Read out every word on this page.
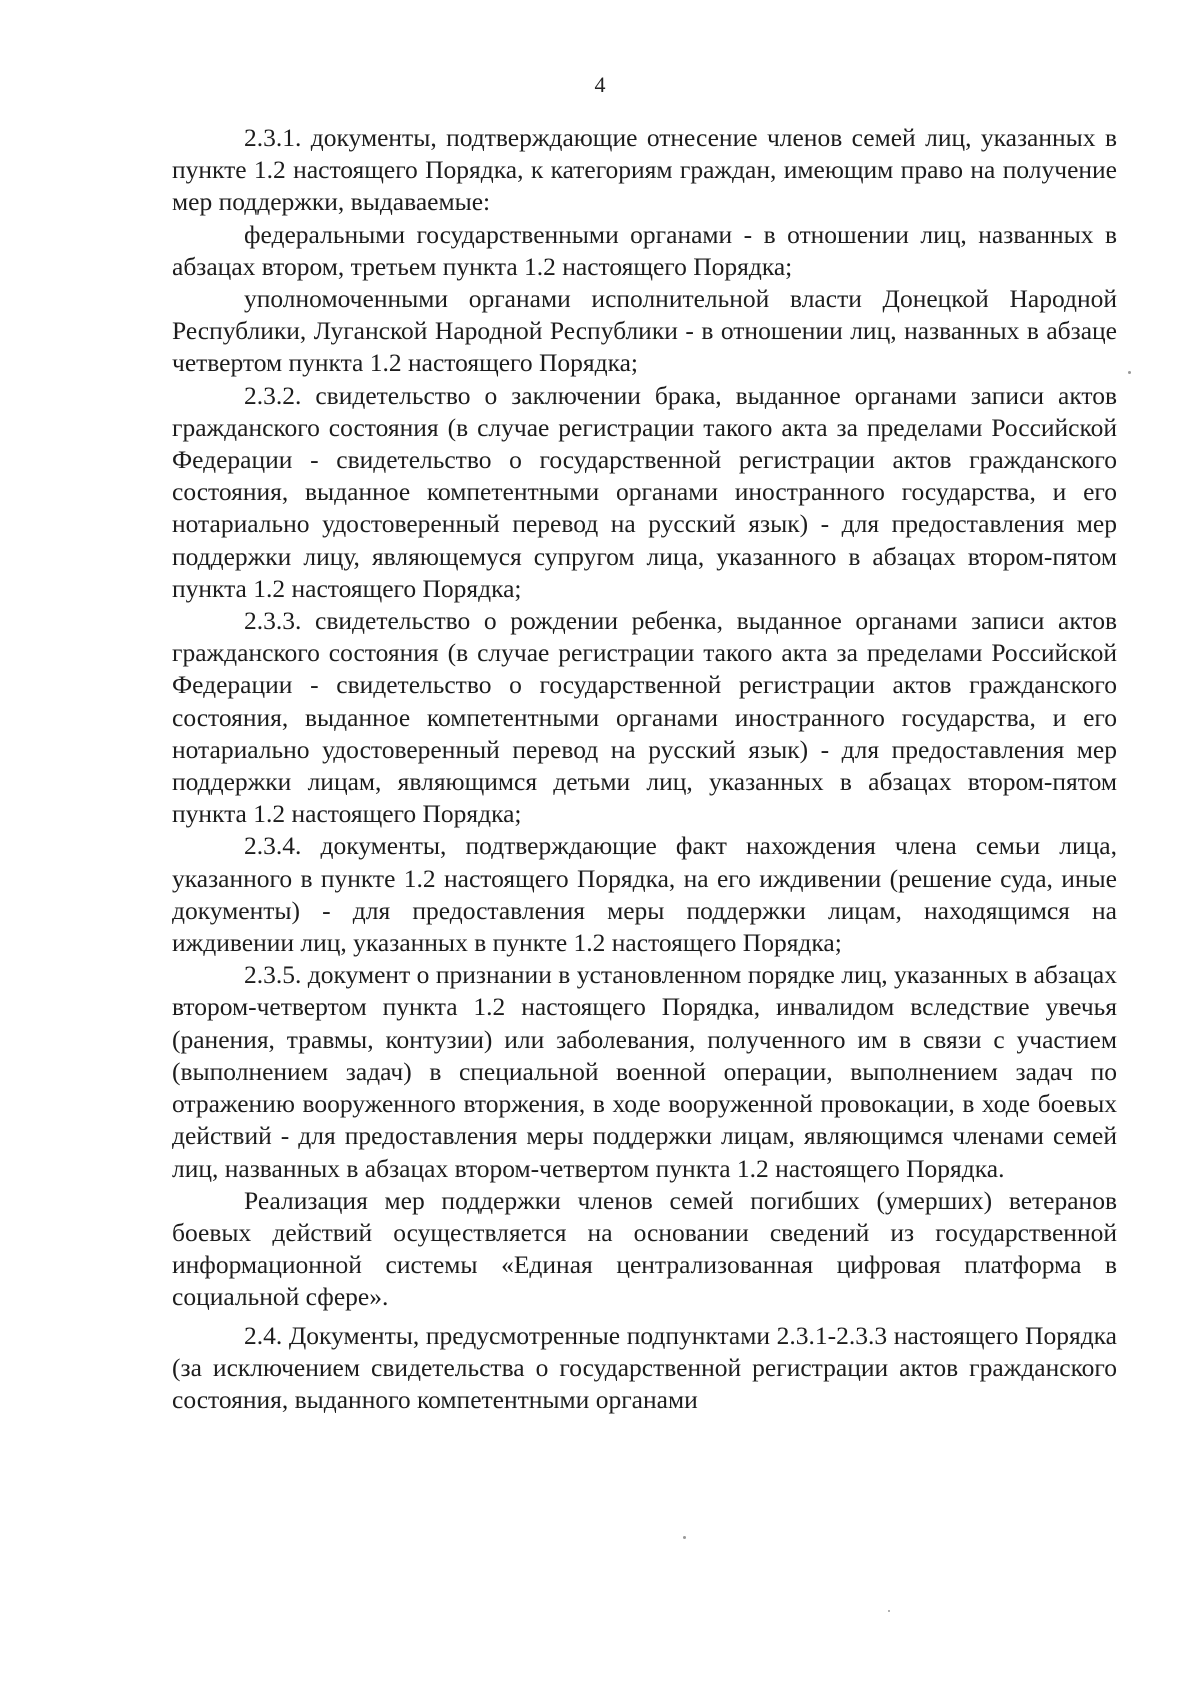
4

2.3.1. документы, подтверждающие отнесение членов семей лиц, указанных в пункте 1.2 настоящего Порядка, к категориям граждан, имеющим право на получение мер поддержки, выдаваемые:

федеральными государственными органами - в отношении лиц, названных в абзацах втором, третьем пункта 1.2 настоящего Порядка;

уполномоченными органами исполнительной власти Донецкой Народной Республики, Луганской Народной Республики - в отношении лиц, названных в абзаце четвертом пункта 1.2 настоящего Порядка;

2.3.2. свидетельство о заключении брака, выданное органами записи актов гражданского состояния (в случае регистрации такого акта за пределами Российской Федерации - свидетельство о государственной регистрации актов гражданского состояния, выданное компетентными органами иностранного государства, и его нотариально удостоверенный перевод на русский язык) - для предоставления мер поддержки лицу, являющемуся супругом лица, указанного в абзацах втором-пятом пункта 1.2 настоящего Порядка;

2.3.3. свидетельство о рождении ребенка, выданное органами записи актов гражданского состояния (в случае регистрации такого акта за пределами Российской Федерации - свидетельство о государственной регистрации актов гражданского состояния, выданное компетентными органами иностранного государства, и его нотариально удостоверенный перевод на русский язык) - для предоставления мер поддержки лицам, являющимся детьми лиц, указанных в абзацах втором-пятом пункта 1.2 настоящего Порядка;

2.3.4. документы, подтверждающие факт нахождения члена семьи лица, указанного в пункте 1.2 настоящего Порядка, на его иждивении (решение суда, иные документы) - для предоставления меры поддержки лицам, находящимся на иждивении лиц, указанных в пункте 1.2 настоящего Порядка;

2.3.5. документ о признании в установленном порядке лиц, указанных в абзацах втором-четвертом пункта 1.2 настоящего Порядка, инвалидом вследствие увечья (ранения, травмы, контузии) или заболевания, полученного им в связи с участием (выполнением задач) в специальной военной операции, выполнением задач по отражению вооруженного вторжения, в ходе вооруженной провокации, в ходе боевых действий - для предоставления меры поддержки лицам, являющимся членами семей лиц, названных в абзацах втором-четвертом пункта 1.2 настоящего Порядка.

Реализация мер поддержки членов семей погибших (умерших) ветеранов боевых действий осуществляется на основании сведений из государственной информационной системы «Единая централизованная цифровая платформа в социальной сфере».

2.4. Документы, предусмотренные подпунктами 2.3.1-2.3.3 настоящего Порядка (за исключением свидетельства о государственной регистрации актов гражданского состояния, выданного компетентными органами
